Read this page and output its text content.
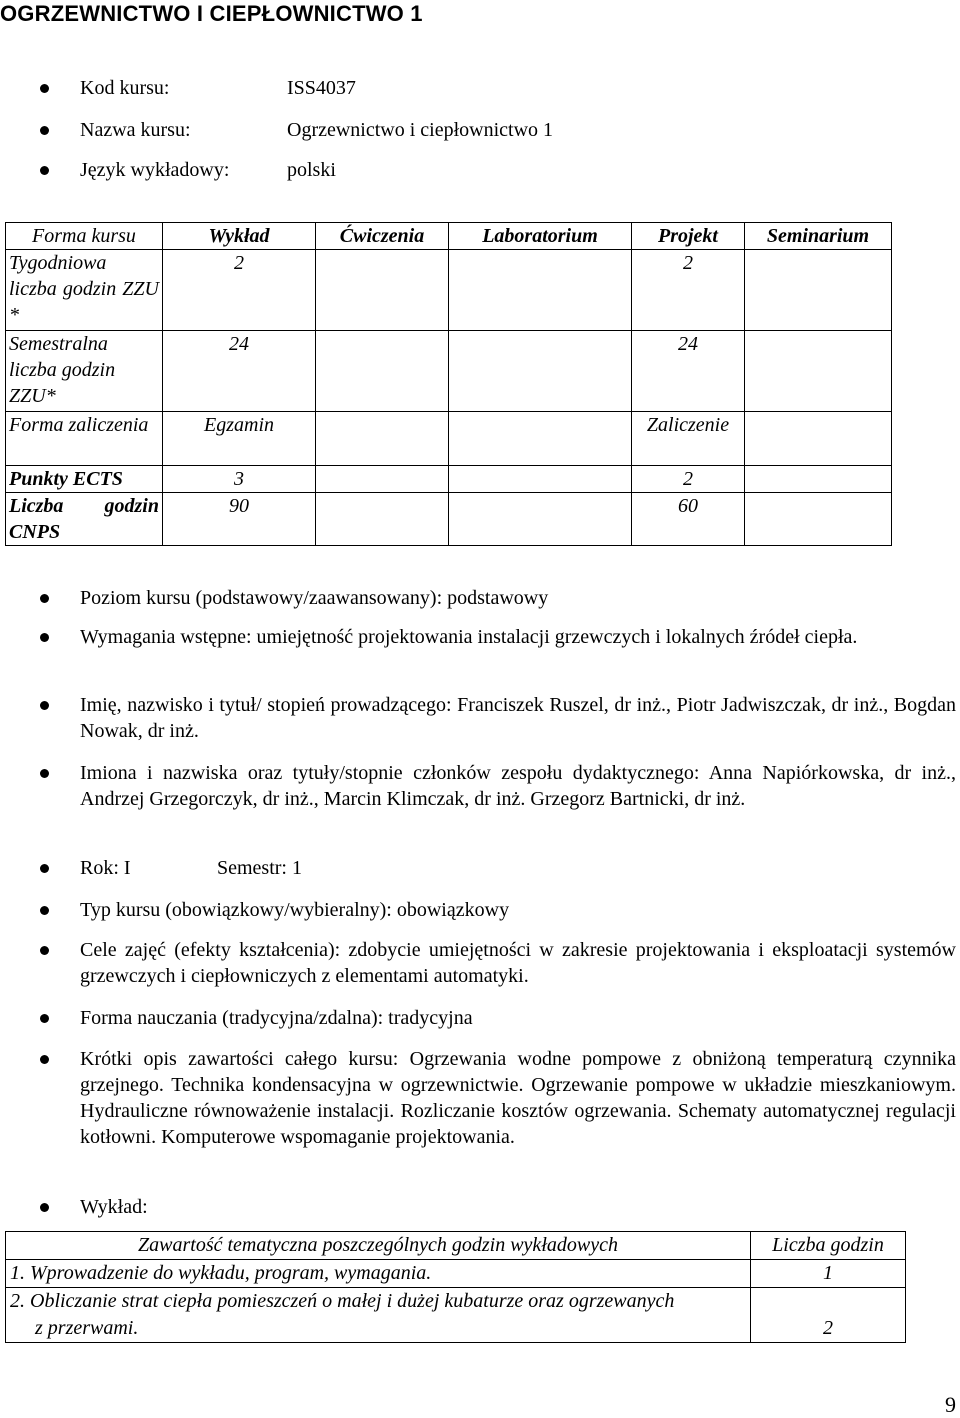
OGRZEWNICTWO I CIEPŁOWNICTWO 1
Kod kursu:	ISS4037
Nazwa kursu:	Ogrzewnictwo i ciepłownictwo 1
Język wykładowy:	polski
Forma kursu	Wykład	Ćwiczenia	Laboratorium	Projekt	Seminarium
Tygodniowa liczba godzin ZZU *	2			2	
Semestralna liczba godzin ZZU*	24			24	
Forma zaliczenia	Egzamin			Zaliczenie	
Punkty ECTS	3			2	
Liczba godzin CNPS	90			60	
Poziom kursu (podstawowy/zaawansowany): podstawowy
Wymagania wstępne: umiejętność projektowania instalacji grzewczych i lokalnych źródeł ciepła.
Imię, nazwisko i tytuł/ stopień prowadzącego: Franciszek Ruszel, dr inż., Piotr Jadwiszczak, dr inż., Bogdan Nowak, dr inż.
Imiona i nazwiska oraz tytuły/stopnie członków zespołu dydaktycznego: Anna Napiórkowska, dr inż., Andrzej Grzegorczyk, dr inż., Marcin Klimczak, dr inż. Grzegorz Bartnicki, dr inż.
Rok: I	Semestr: 1
Typ kursu (obowiązkowy/wybieralny): obowiązkowy
Cele zajęć (efekty kształcenia): zdobycie umiejętności w zakresie projektowania i eksploatacji systemów grzewczych i ciepłowniczych z elementami automatyki.
Forma nauczania (tradycyjna/zdalna): tradycyjna
Krótki opis zawartości całego kursu: Ogrzewania wodne pompowe z obniżoną temperaturą czynnika grzejnego. Technika kondensacyjna w ogrzewnictwie. Ogrzewanie pompowe w układzie mieszkaniowym. Hydrauliczne równoważenie instalacji. Rozliczanie kosztów ogrzewania. Schematy automatycznej regulacji kotłowni. Komputerowe wspomaganie projektowania.
Wykład:
Zawartość tematyczna poszczególnych godzin wykładowych	Liczba godzin
1. Wprowadzenie do wykładu, program, wymagania.	1

2. Obliczanie strat ciepła pomieszczeń o małej i dużej kubaturze oraz ogrzewanych z przerwami.	2
9
